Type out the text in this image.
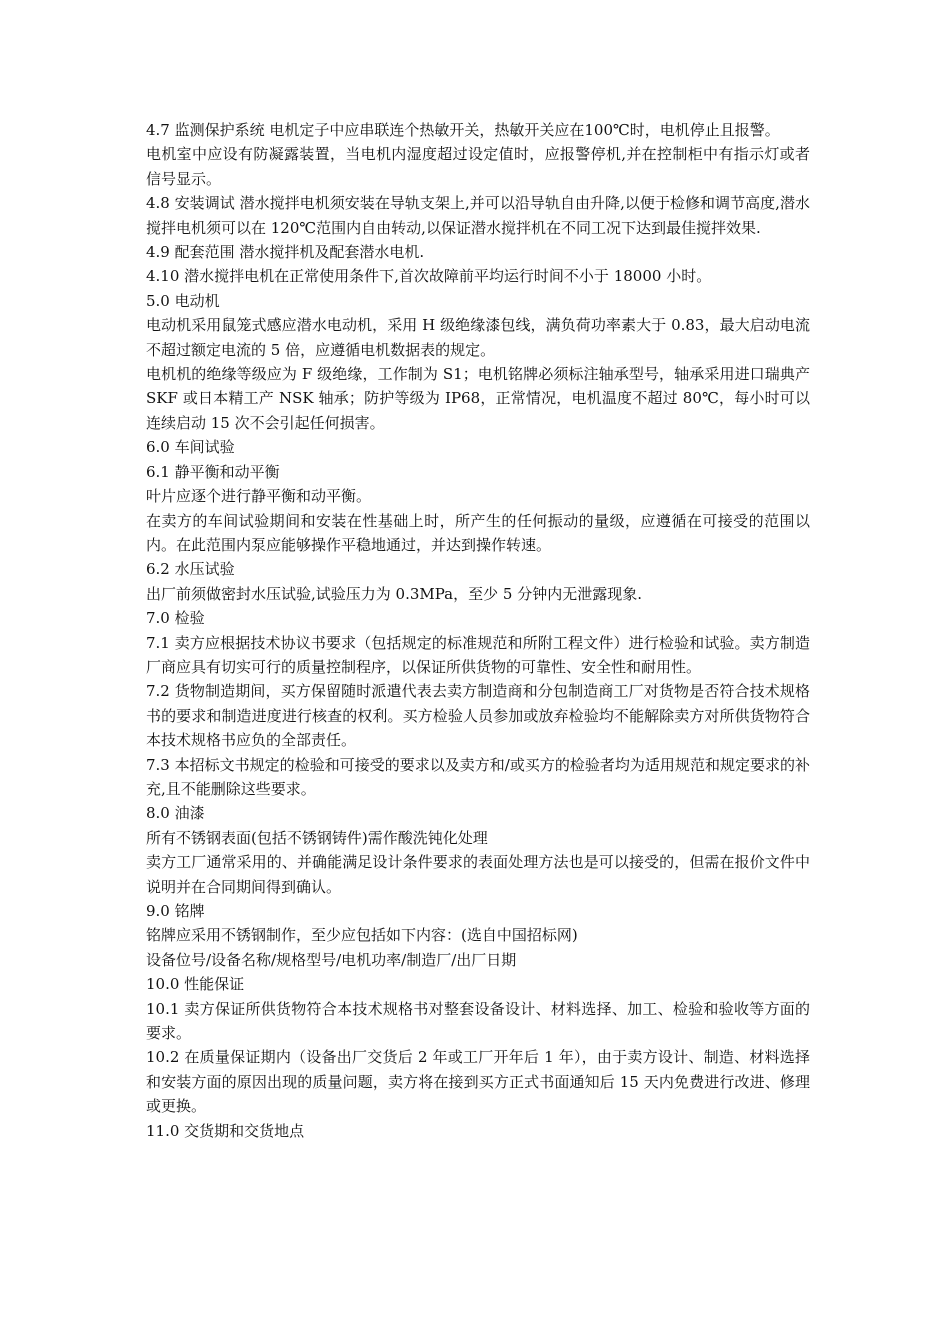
4.7 监测保护系统 电机定子中应串联连个热敏开关，热敏开关应在100℃时，电机停止且报警。

电机室中应设有防凝露装置，当电机内湿度超过设定值时，应报警停机,并在控制柜中有指示灯或者信号显示。

4.8 安装调试 潜水搅拌电机须安装在导轨支架上,并可以沿导轨自由升降,以便于检修和调节高度,潜水搅拌电机须可以在 120℃范围内自由转动,以保证潜水搅拌机在不同工况下达到最佳搅拌效果.

4.9 配套范围 潜水搅拌机及配套潜水电机.

4.10 潜水搅拌电机在正常使用条件下,首次故障前平均运行时间不小于 18000 小时。

5.0 电动机

电动机采用鼠笼式感应潜水电动机，采用 H 级绝缘漆包线，满负荷功率素大于 0.83，最大启动电流不超过额定电流的 5 倍，应遵循电机数据表的规定。

电机机的绝缘等级应为 F 级绝缘，工作制为 S1；电机铭牌必须标注轴承型号，轴承采用进口瑞典产 SKF 或日本精工产 NSK 轴承；防护等级为 IP68，正常情况，电机温度不超过 80℃，每小时可以连续启动 15 次不会引起任何损害。

6.0 车间试验

6.1 静平衡和动平衡

叶片应逐个进行静平衡和动平衡。

在卖方的车间试验期间和安装在性基础上时，所产生的任何振动的量级，应遵循在可接受的范围以内。在此范围内泵应能够操作平稳地通过，并达到操作转速。

6.2 水压试验

出厂前须做密封水压试验,试验压力为 0.3MPa，至少 5 分钟内无泄露现象.

7.0 检验

7.1 卖方应根据技术协议书要求（包括规定的标准规范和所附工程文件）进行检验和试验。卖方制造厂商应具有切实可行的质量控制程序，以保证所供货物的可靠性、安全性和耐用性。

7.2 货物制造期间，买方保留随时派遣代表去卖方制造商和分包制造商工厂对货物是否符合技术规格书的要求和制造进度进行核查的权利。买方检验人员参加或放弃检验均不能解除卖方对所供货物符合本技术规格书应负的全部责任。

7.3 本招标文书规定的检验和可接受的要求以及卖方和/或买方的检验者均为适用规范和规定要求的补充,且不能删除这些要求。

8.0 油漆

所有不锈钢表面(包括不锈钢铸件)需作酸洗钝化处理

卖方工厂通常采用的、并确能满足设计条件要求的表面处理方法也是可以接受的，但需在报价文件中说明并在合同期间得到确认。

9.0 铭牌

铭牌应采用不锈钢制作，至少应包括如下内容：(选自中国招标网)

设备位号/设备名称/规格型号/电机功率/制造厂/出厂日期

10.0 性能保证

10.1 卖方保证所供货物符合本技术规格书对整套设备设计、材料选择、加工、检验和验收等方面的要求。

10.2 在质量保证期内（设备出厂交货后 2 年或工厂开年后 1 年），由于卖方设计、制造、材料选择和安装方面的原因出现的质量问题，卖方将在接到买方正式书面通知后 15 天内免费进行改进、修理或更换。

11.0 交货期和交货地点
